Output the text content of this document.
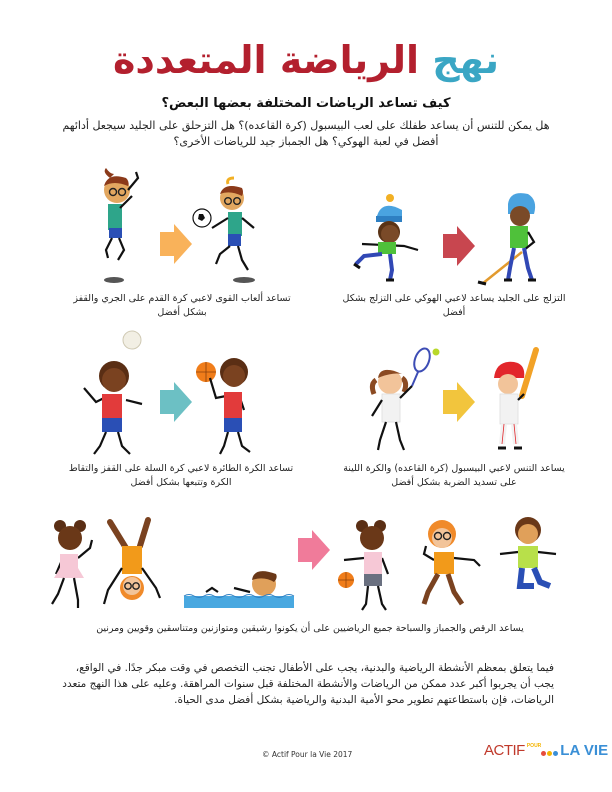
نهج الرياضة المتعددة
كيف تساعد الرياضات المختلفة بعضها البعض؟
هل يمكن للتنس أن يساعد طفلك على لعب البيسبول (كرة القاعده)؟ هل التزحلق على الجليد سيجعل أدائهم أفضل في لعبة الهوكي؟ هل الجمباز جيد للرياضات الأخرى؟
تساعد ألعاب القوى لاعبي كرة القدم على الجري والقفز بشكل أفضل
التزلج على الجليد يساعد لاعبي الهوكي على التزلج بشكل أفضل
تساعد الكرة الطائرة لاعبي كرة السلة على القفز والتقاط الكرة وتتبعها بشكل أفضل
يساعد التنس لاعبي البيسبول (كرة القاعده) والكرة اللينة على تسديد الضربة بشكل أفضل
يساعد الرقص والجمباز والسباحة جميع الرياضيين على أن يكونوا رشيقين ومتوازنين ومتناسقين وقويين ومرنين
فيما يتعلق بمعظم الأنشطة الرياضية والبدنية، يجب على الأطفال تجنب التخصص في وقت مبكر جدًا. في الواقع، يجب أن يجربوا أكبر عدد ممكن من الرياضات والأنشطة المختلفة قبل سنوات المراهقة. وعليه على هذا النهج متعدد الرياضات، فإن باستطاعتهم تطوير محو الأمية البدنية والرياضية بشكل أفضل مدى الحياة.
© Actif Pour la Vie 2017	ACTIF POUR LA VIE
